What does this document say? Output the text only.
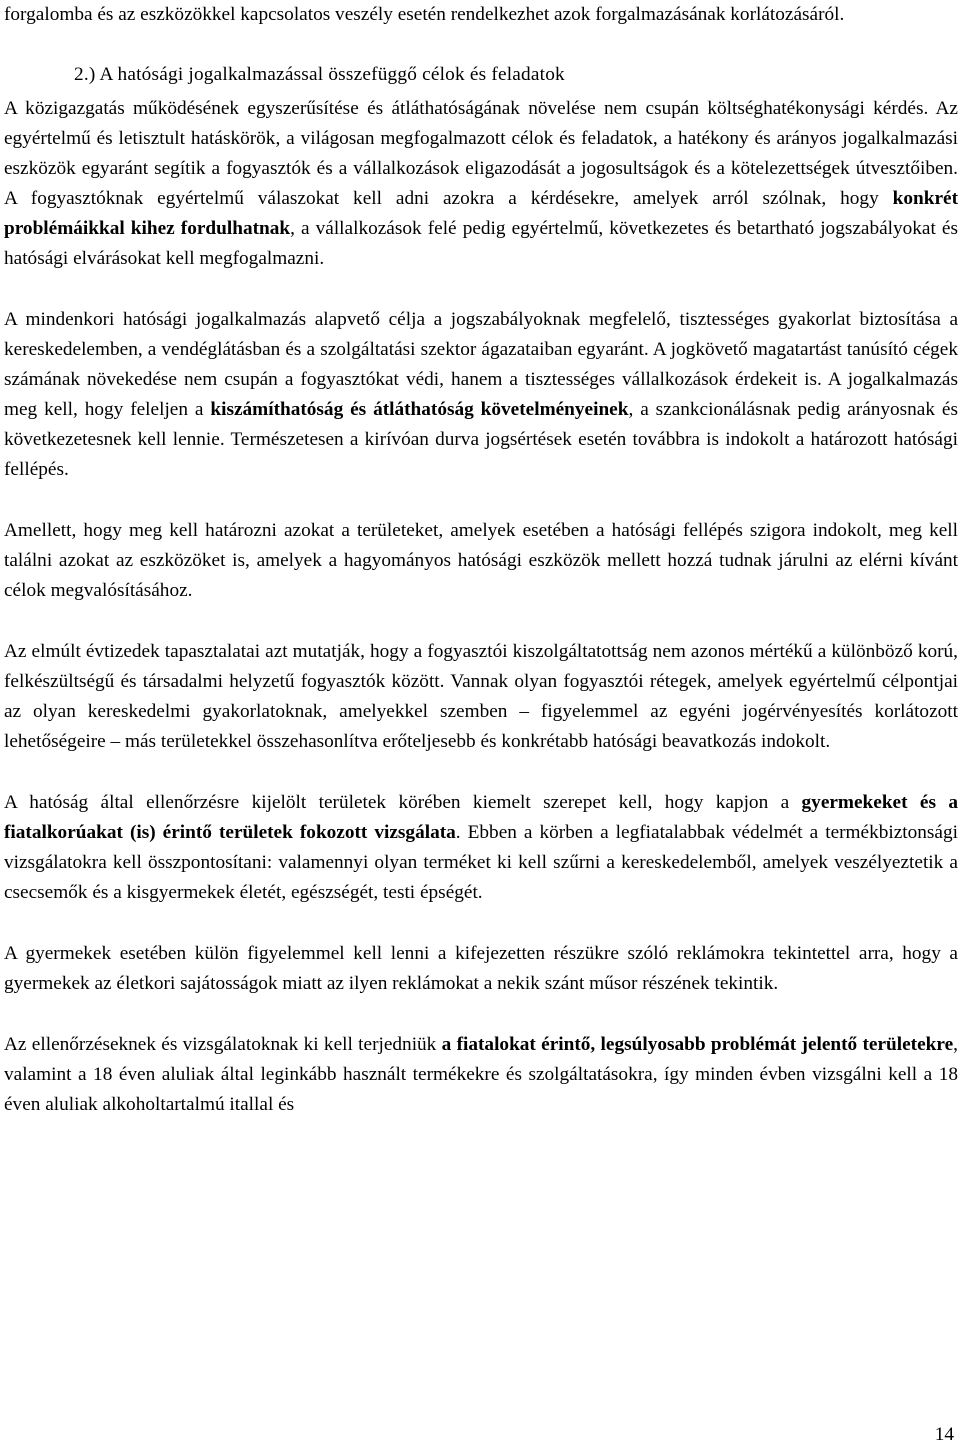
forgalomba és az eszközökkel kapcsolatos veszély esetén rendelkezhet azok forgalmazásának korlátozásáról.

2.) A hatósági jogalkalmazással összefüggő célok és feladatok

A közigazgatás működésének egyszerűsítése és átláthatóságának növelése nem csupán költséghatékonysági kérdés. Az egyértelmű és letisztult hatáskörök, a világosan megfogalmazott célok és feladatok, a hatékony és arányos jogalkalmazási eszközök egyaránt segítik a fogyasztók és a vállalkozások eligazodását a jogosultságok és a kötelezettségek útvesztőiben. A fogyasztóknak egyértelmű válaszokat kell adni azokra a kérdésekre, amelyek arról szólnak, hogy konkrét problémáikkal kihez fordulhatnak, a vállalkozások felé pedig egyértelmű, következetes és betartható jogszabályokat és hatósági elvárásokat kell megfogalmazni.

A mindenkori hatósági jogalkalmazás alapvető célja a jogszabályoknak megfelelő, tisztességes gyakorlat biztosítása a kereskedelemben, a vendéglátásban és a szolgáltatási szektor ágazataiban egyaránt. A jogkövető magatartást tanúsító cégek számának növekedése nem csupán a fogyasztókat védi, hanem a tisztességes vállalkozások érdekeit is. A jogalkalmazás meg kell, hogy feleljen a kiszámíthatóság és átláthatóság követelményeinek, a szankcionálásnak pedig arányosnak és következetesnek kell lennie. Természetesen a kirívóan durva jogsértések esetén továbbra is indokolt a határozott hatósági fellépés.

Amellett, hogy meg kell határozni azokat a területeket, amelyek esetében a hatósági fellépés szigora indokolt, meg kell találni azokat az eszközöket is, amelyek a hagyományos hatósági eszközök mellett hozzá tudnak járulni az elérni kívánt célok megvalósításához.

Az elmúlt évtizedek tapasztalatai azt mutatják, hogy a fogyasztói kiszolgáltatottság nem azonos mértékű a különböző korú, felkészültségű és társadalmi helyzetű fogyasztók között. Vannak olyan fogyasztói rétegek, amelyek egyértelmű célpontjai az olyan kereskedelmi gyakorlatoknak, amelyekkel szemben – figyelemmel az egyéni jogérvényesítés korlátozott lehetőségeire – más területekkel összehasonlítva erőteljesebb és konkrétabb hatósági beavatkozás indokolt.

A hatóság által ellenőrzésre kijelölt területek körében kiemelt szerepet kell, hogy kapjon a gyermekeket és a fiatalkorúakat (is) érintő területek fokozott vizsgálata. Ebben a körben a legfiatalabbak védelmét a termékbiztonsági vizsgálatokra kell összpontosítani: valamennyi olyan terméket ki kell szűrni a kereskedelemből, amelyek veszélyeztetik a csecsemők és a kisgyermekek életét, egészségét, testi épségét.

A gyermekek esetében külön figyelemmel kell lenni a kifejezetten részükre szóló reklámokra tekintettel arra, hogy a gyermekek az életkori sajátosságok miatt az ilyen reklámokat a nekik szánt műsor részének tekintik.

Az ellenőrzéseknek és vizsgálatoknak ki kell terjedniük a fiatalokat érintő, legsúlyosabb problémát jelentő területekre, valamint a 18 éven aluliak által leginkább használt termékekre és szolgáltatásokra, így minden évben vizsgálni kell a 18 éven aluliak alkoholtartalmú itallal és

14
